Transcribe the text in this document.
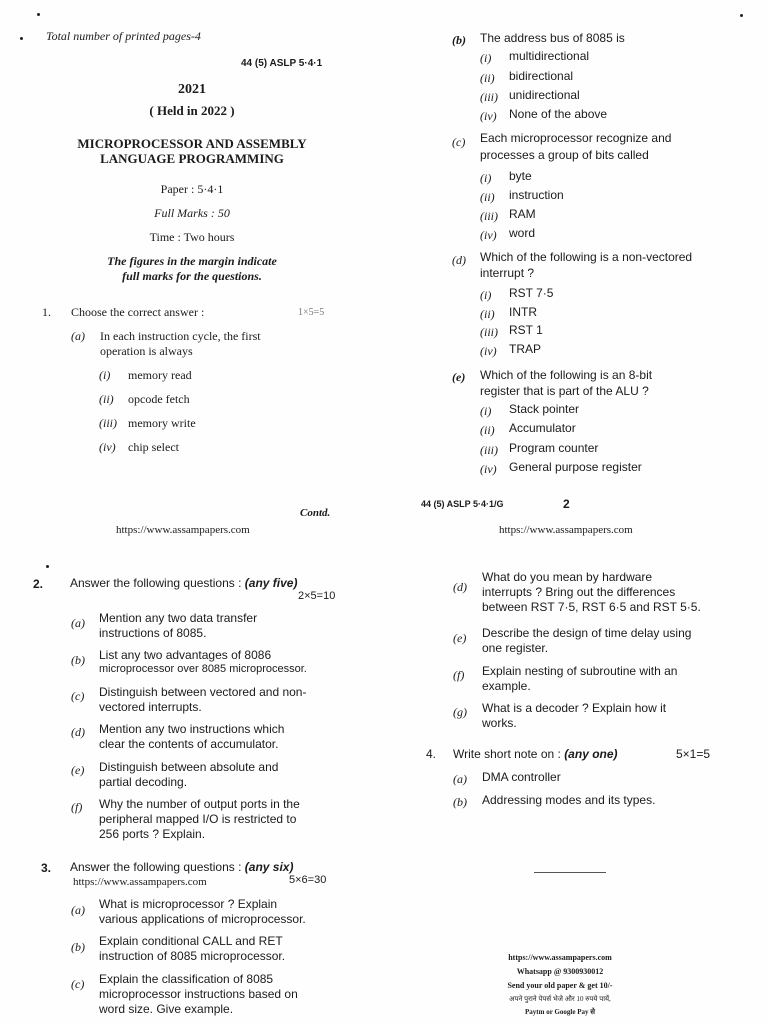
Total number of printed pages-4
44 (5) ASLP 5·4·1
2021
( Held in 2022 )
MICROPROCESSOR AND ASSEMBLY
LANGUAGE PROGRAMMING
Paper : 5·4·1
Full Marks : 50
Time : Two hours
The figures in the margin indicate
full marks for the questions.
1. Choose the correct answer :	1×5=5
(a) In each instruction cycle, the first
operation is always
(i) memory read
(ii) opcode fetch
(iii) memory write
(iv) chip select
Contd.
https://www.assampapers.com
(b) The address bus of 8085 is
(i) multidirectional
(ii) bidirectional
(iii) unidirectional
(iv) None of the above
(c) Each microprocessor recognize and
processes a group of bits called
(i) byte
(ii) instruction
(iii) RAM
(iv) word
(d) Which of the following is a non-vectored
interrupt ?
(i) RST 7·5
(ii) INTR
(iii) RST 1
(iv) TRAP
(e) Which of the following is an 8-bit
register that is part of the ALU ?
(i) Stack pointer
(ii) Accumulator
(iii) Program counter
(iv) General purpose register
44 (5) ASLP 5·4·1/G	2
https://www.assampapers.com
2. Answer the following questions : (any five)
2×5=10
(a) Mention any two data transfer
instructions of 8085.
(b) List any two advantages of 8086
microprocessor over 8085 microprocessor.
(c) Distinguish between vectored and non-
vectored interrupts.
(d) Mention any two instructions which
clear the contents of accumulator.
(e) Distinguish between absolute and
partial decoding.
(f) Why the number of output ports in the
peripheral mapped I/O is restricted to
256 ports ? Explain.
3. Answer the following questions : (any six)
https://www.assampapers.com	5×6=30
(a) What is microprocessor ? Explain
various applications of microprocessor.
(b) Explain conditional CALL and RET
instruction of 8085 microprocessor.
(c) Explain the classification of 8085
microprocessor instructions based on
word size. Give example.
(d)
What do you mean by hardware
interrupts ? Bring out the differences
between RST 7·5, RST 6·5 and RST 5·5.
(e) Describe the design of time delay using
one register.
(f) Explain nesting of subroutine with an
example.
(g) What is a decoder ? Explain how it
works.
4. Write short note on : (any one)	5×1=5
(a) DMA controller
(b) Addressing modes and its types.
https://www.assampapers.com
Whatsapp @ 9300930012
Send your old paper & get 10/-
अपने पुराने पेपर्स भेजे और 10 रुपये पायें,
Paytm or Google Pay से
